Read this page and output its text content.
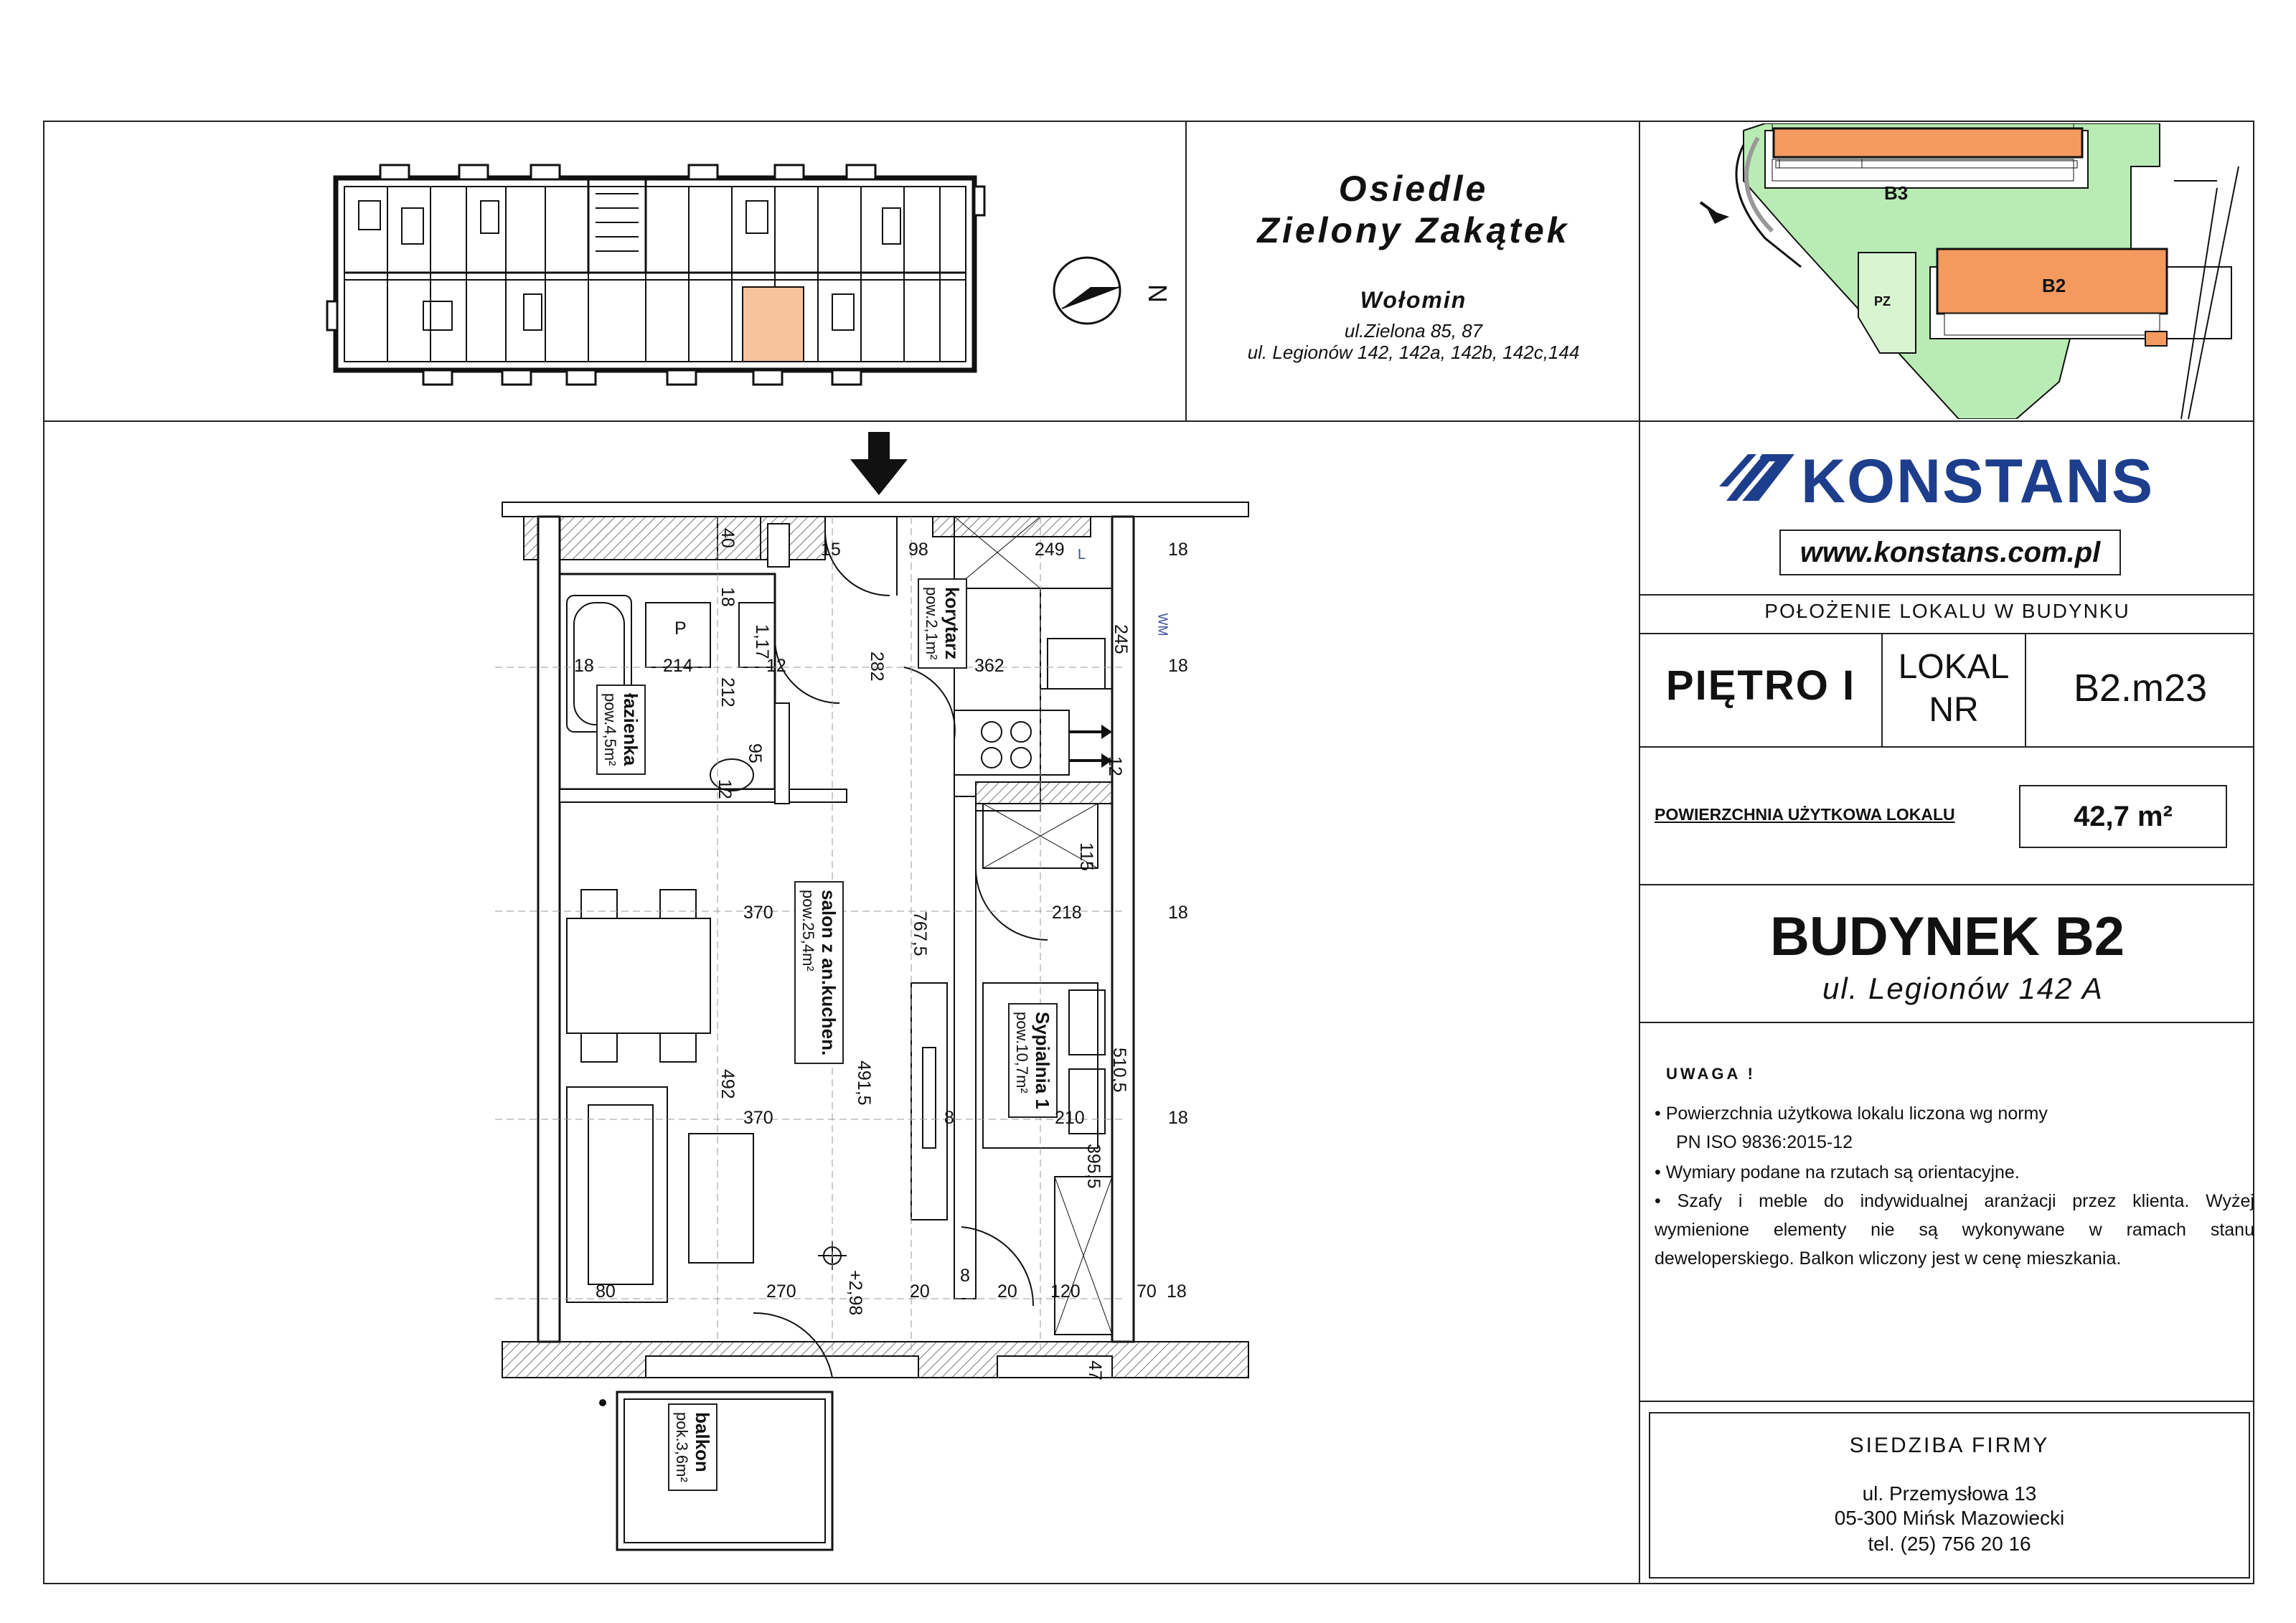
N
Osiedle
Zielony Zakątek
Wołomin
ul.Zielona 85, 87
ul. Legionów 142, 142a, 142b, 142c,144
B3
B2
PZ
KONSTANS
www.konstans.com.pl
POŁOŻENIE LOKALU W BUDYNKU
PIĘTRO I	LOKAL
NR
B2.m23
POWIERZCHNIA UŻYTKOWA LOKALU	42,7 m²
BUDYNEK B2
ul. Legionów 142 A
UWAGA !
• Powierzchnia użytkowa lokalu liczona wg normy
PN ISO 9836:2015-12
• Wymiary podane na rzutach są orientacyjne.
• Szafy i meble do indywidualnej aranżacji przez klienta. Wyżej
wymienione elementy nie są wykonywane w ramach stanu
deweloperskiego. Balkon wliczony jest w cenę mieszkania.
SIEDZIBA FIRMY
ul. Przemysłowa 13
05-300 Mińsk Mazowiecki
tel. (25) 756 20 16
łazienka
pow.4,5m²
korytarz
pow.2,1m²
salon z an.kuchen.
pow.25,4m²
Sypialnia 1
pow.10,7m²
balkon
pok.3,6m²
P	WM
L
40
15	98	249	18
18
1,17
18	214	12	282	362
245
18
212
95
12
12
115
370	767,5	218	18
492	491,5	510,5
370	8	210	18
395,5
80	270	20
8
20 120	70 18
47
+2,98
